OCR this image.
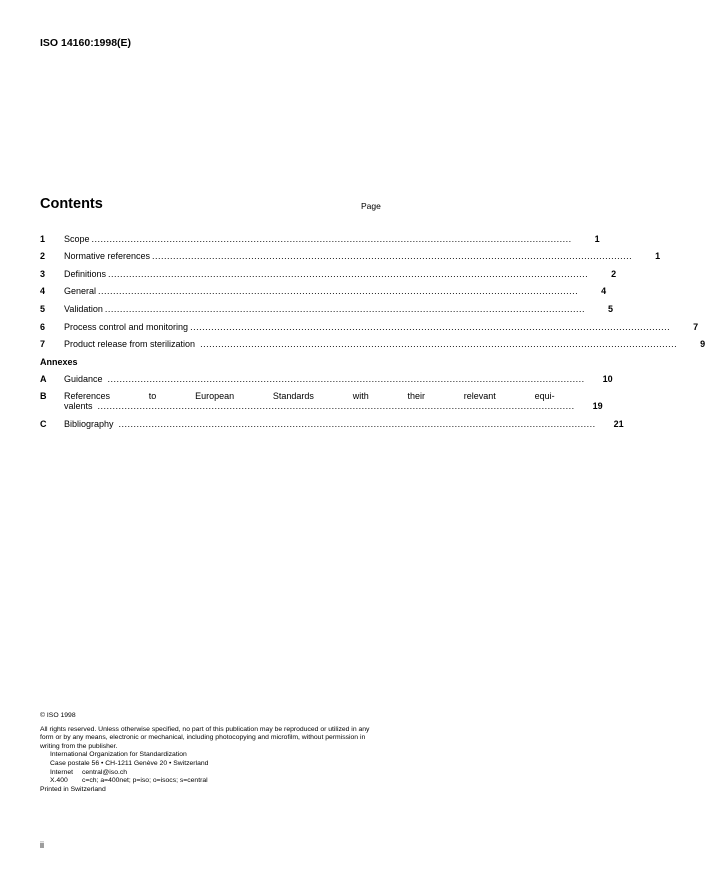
ISO 14160:1998(E)
Contents	Page
1	Scope ................................................................................................................................................................	1
2	Normative references ................................................................................................................................................................	1
3	Definitions ................................................................................................................................................................	2
4	General ................................................................................................................................................................	4
5	Validation ................................................................................................................................................................	5
6	Process control and monitoring ................................................................................................................................................................	7
7	Product release from sterilization ...............................................................................................................................................................	9
Annexes
A	Guidance ...............................................................................................................................................................	10
B	References to European Standards with their relevant equi-
valents ...............................................................................................................................................................	19
C	Bibliography ...............................................................................................................................................................	21

© ISO 1998

All rights reserved. Unless otherwise specified, no part of this publication may be reproduced or utilized in any form or by any means, electronic or mechanical, including photocopying and microfilm, without permission in writing from the publisher.

International Organization for Standardization

Case postale 56 • CH-1211 Genève 20 • Switzerland

Internet central@iso.ch

X.400 c=ch; a=400net; p=iso; o=isocs; s=central

Printed in Switzerland

ii
